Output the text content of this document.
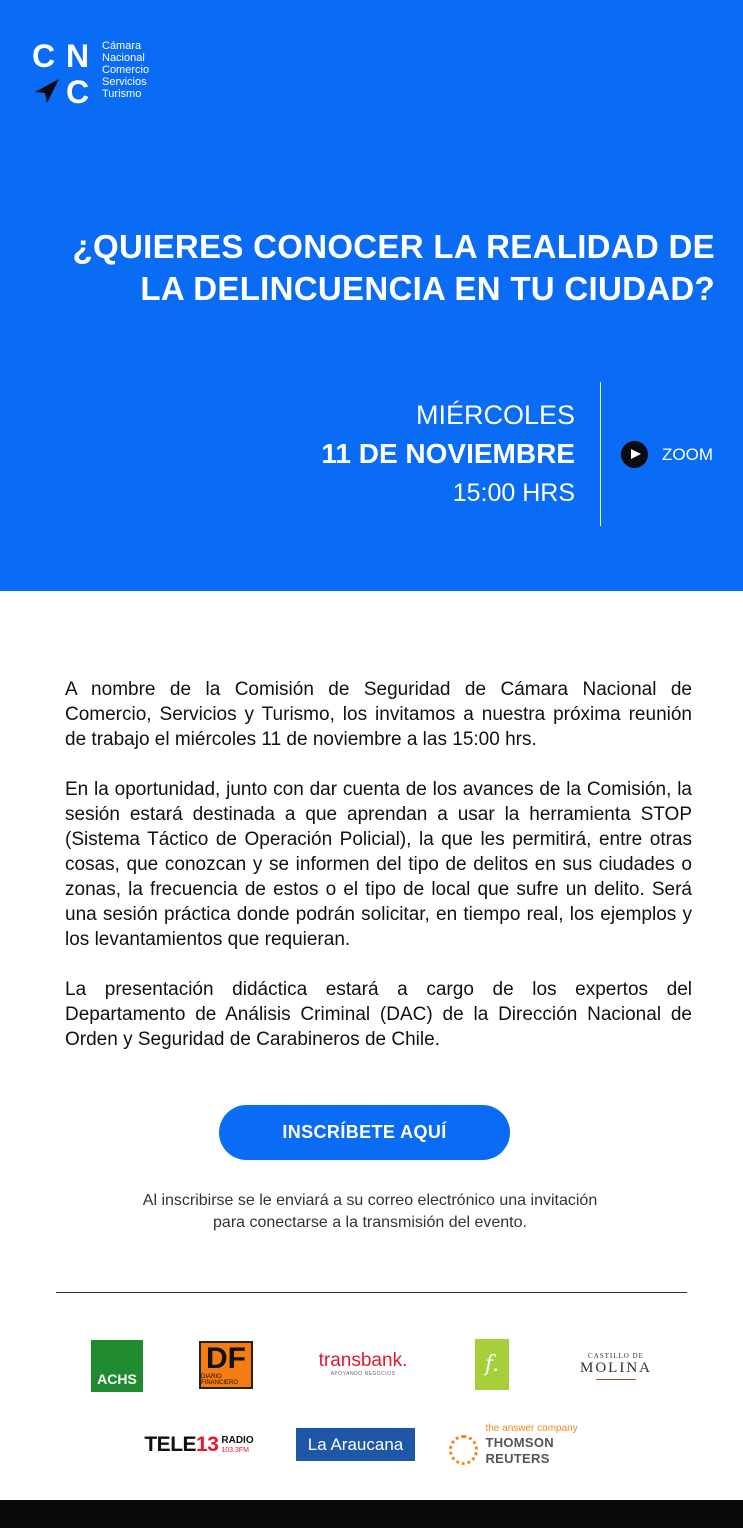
C N
C
Cámara
Nacional
Comercio
Servicios
Turismo
¿QUIERES CONOCER LA REALIDAD DE
LA DELINCUENCIA EN TU CIUDAD?
MIÉRCOLES
11 DE NOVIEMBRE
15:00 HRS
ZOOM

A nombre de la Comisión de Seguridad de Cámara Nacional de Comercio, Servicios y Turismo, los invitamos a nuestra próxima reunión de trabajo el miércoles 11 de noviembre a las 15:00 hrs.

En la oportunidad, junto con dar cuenta de los avances de la Comisión, la sesión estará destinada a que aprendan a usar la herramienta STOP (Sistema Táctico de Operación Policial), la que les permitirá, entre otras cosas, que conozcan y se informen del tipo de delitos en sus ciudades o zonas, la frecuencia de estos o el tipo de local que sufre un delito. Será una sesión práctica donde podrán solicitar, en tiempo real, los ejemplos y los levantamientos que requieran.

La presentación didáctica estará a cargo de los expertos del Departamento de Análisis Criminal (DAC) de la Dirección Nacional de Orden y Seguridad de Carabineros de Chile.

INSCRÍBETE AQUÍ
Al inscribirse se le enviará a su correo electrónico una invitación
para conectarse a la transmisión del evento.
ACHS
DF
DIARIO FINANCIERO
transbank.
APOYANDO NEGOCIOS	f.	CASTILLO DE
MOLINA
TELE13 RADIO
103.3FM	La Araucana
the answer company
THOMSON REUTERS
